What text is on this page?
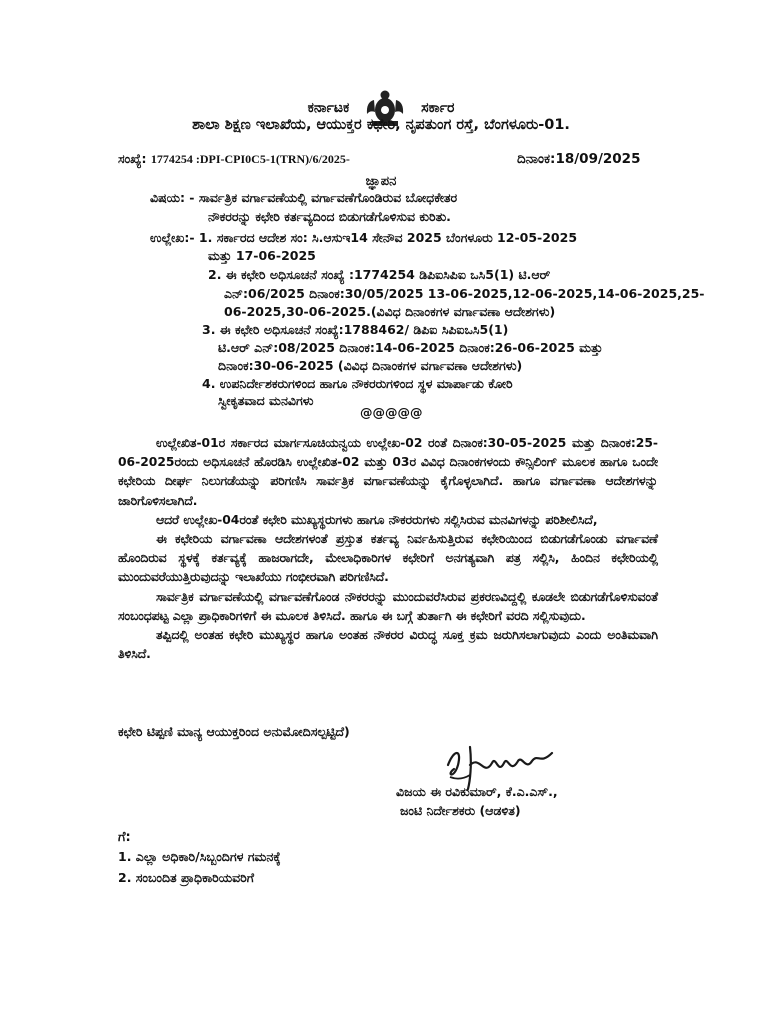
ಕರ್ನಾಟಕ	ಸರ್ಕಾರ
ಶಾಲಾ ಶಿಕ್ಷಣ ಇಲಾಖೆಯ, ಆಯುಕ್ತರ ಕಛೇರಿ, ನೃಪತುಂಗ ರಸ್ತೆ, ಬೆಂಗಳೂರು-01.
ಸಂಖ್ಯೆ: 1774254 :DPI-CPI0C5-1(TRN)/6/2025-	ದಿನಾಂಕ:18/09/2025
ಜ್ಞಾಪನ
ವಿಷಯ: - ಸಾರ್ವತ್ರಿಕ ವರ್ಗಾವಣೆಯಲ್ಲಿ ವರ್ಗಾವಣೆಗೊಂಡಿರುವ ಬೋಧಕೇತರ
ನೌಕರರನ್ನು ಕಛೇರಿ ಕರ್ತವ್ಯದಿಂದ ಬಿಡುಗಡೆಗೊಳಿಸುವ ಕುರಿತು.
ಉಲ್ಲೇಖ:- 1. ಸರ್ಕಾರದ ಆದೇಶ ಸಂ: ಸಿ.ಆಸುಇ14 ಸೇನೌವ 2025 ಬೆಂಗಳೂರು 12-05-2025
ಮತ್ತು 17-06-2025
2. ಈ ಕಛೇರಿ ಅಧಿಸೂಚನೆ ಸಂಖ್ಯೆ :1774254 ಡಿಪಿಐಸಿಪಿಐ ಒಸಿ5(1) ಟಿ.ಆರ್
ಎನ್:06/2025 ದಿನಾಂಕ:30/05/2025 13-06-2025,12-06-2025,14-06-2025,25-
06-2025,30-06-2025.(ವಿವಿಧ ದಿನಾಂಕಗಳ ವರ್ಗಾವಣಾ ಆದೇಶಗಳು)
3. ಈ ಕಛೇರಿ ಅಧಿಸೂಚನೆ ಸಂಖ್ಯೆ:1788462/ ಡಿಪಿಐ ಸಿಪಿಐಒಸಿ5(1)
ಟಿ.ಆರ್ ಎನ್:08/2025 ದಿನಾಂಕ:14-06-2025 ದಿನಾಂಕ:26-06-2025 ಮತ್ತು
ದಿನಾಂಕ:30-06-2025 (ವಿವಿಧ ದಿನಾಂಕಗಳ ವರ್ಗಾವಣಾ ಆದೇಶಗಳು)
4. ಉಪನಿರ್ದೇಶಕರುಗಳಿಂದ ಹಾಗೂ ನೌಕರರುಗಳಿಂದ ಸ್ಥಳ ಮಾರ್ಪಾಡು ಕೋರಿ
ಸ್ವೀಕೃತವಾದ ಮನವಿಗಳು
@@@@@

ಉಲ್ಲೇಖಿತ-01ರ ಸರ್ಕಾರದ ಮಾರ್ಗಸೂಚಿಯನ್ವಯ ಉಲ್ಲೇಖ-02 ರಂತೆ ದಿನಾಂಕ:30-05-2025 ಮತ್ತು ದಿನಾಂಕ:25-06-2025ರಂದು ಅಧಿಸೂಚನೆ ಹೊರಡಿಸಿ ಉಲ್ಲೇಖಿತ-02 ಮತ್ತು 03ರ ವಿವಿಧ ದಿನಾಂಕಗಳಂದು ಕೌನ್ಸಿಲಿಂಗ್ ಮೂಲಕ ಹಾಗೂ ಒಂದೇ ಕಛೇರಿಯ ದೀರ್ಘ ನಿಲುಗಡೆಯನ್ನು ಪರಿಗಣಿಸಿ ಸಾರ್ವತ್ರಿಕ ವರ್ಗಾವಣೆಯನ್ನು ಕೈಗೊಳ್ಳಲಾಗಿದೆ. ಹಾಗೂ ವರ್ಗಾವಣಾ ಆದೇಶಗಳನ್ನು ಜಾರಿಗೊಳಿಸಲಾಗಿದೆ.

ಆದರೆ ಉಲ್ಲೇಖ-04ರಂತೆ ಕಛೇರಿ ಮುಖ್ಯಸ್ಥರುಗಳು ಹಾಗೂ ನೌಕರರುಗಳು ಸಲ್ಲಿಸಿರುವ ಮನವಿಗಳನ್ನು ಪರಿಶೀಲಿಸಿದೆ,

ಈ ಕಛೇರಿಯ ವರ್ಗಾವಣಾ ಆದೇಶಗಳಂತೆ ಪ್ರಸ್ತುತ ಕರ್ತವ್ಯ ನಿರ್ವಹಿಸುತ್ತಿರುವ ಕಛೇರಿಯಿಂದ ಬಿಡುಗಡೆಗೊಂಡು ವರ್ಗಾವಣೆ ಹೊಂದಿರುವ ಸ್ಥಳಕ್ಕೆ ಕರ್ತವ್ಯಕ್ಕೆ ಹಾಜರಾಗದೇ, ಮೇಲಾಧಿಕಾರಿಗಳ ಕಛೇರಿಗೆ ಅನಗತ್ಯವಾಗಿ ಪತ್ರ ಸಲ್ಲಿಸಿ, ಹಿಂದಿನ ಕಛೇರಿಯಲ್ಲಿ ಮುಂದುವರೆಯುತ್ತಿರುವುದನ್ನು ಇಲಾಖೆಯು ಗಂಭೀರವಾಗಿ ಪರಿಗಣಿಸಿದೆ.

ಸಾರ್ವತ್ರಿಕ ವರ್ಗಾವಣೆಯಲ್ಲಿ ವರ್ಗಾವಣೆಗೊಂಡ ನೌಕರರನ್ನು ಮುಂದುವರೆಸಿರುವ ಪ್ರಕರಣವಿದ್ದಲ್ಲಿ ಕೂಡಲೇ ಬಿಡುಗಡೆಗೊಳಿಸುವಂತೆ ಸಂಬಂಧಪಟ್ಟ ಎಲ್ಲಾ ಪ್ರಾಧಿಕಾರಿಗಳಿಗೆ ಈ ಮೂಲಕ ತಿಳಿಸಿದೆ. ಹಾಗೂ ಈ ಬಗ್ಗೆ ತುರ್ತಾಗಿ ಈ ಕಛೇರಿಗೆ ವರದಿ ಸಲ್ಲಿಸುವುದು.

ತಪ್ಪಿದಲ್ಲಿ ಅಂತಹ ಕಛೇರಿ ಮುಖ್ಯಸ್ಥರ ಹಾಗೂ ಅಂತಹ ನೌಕರರ ವಿರುದ್ಧ ಸೂಕ್ತ ಕ್ರಮ ಜರುಗಿಸಲಾಗುವುದು ಎಂದು ಅಂತಿಮವಾಗಿ ತಿಳಿಸಿದೆ.

ಕಛೇರಿ ಟಿಪ್ಪಣಿ ಮಾನ್ಯ ಆಯುಕ್ತರಿಂದ ಅನುಮೋದಿಸಲ್ಪಟ್ಟಿದೆ)
ವಿಜಯ ಈ ರವಿಕುಮಾರ್, ಕೆ.ಎ.ಎಸ್.,
ಜಂಟಿ ನಿರ್ದೇಶಕರು (ಆಡಳಿತ)
ಗೆ:
1. ಎಲ್ಲಾ ಅಧಿಕಾರಿ/ಸಿಬ್ಬಂದಿಗಳ ಗಮನಕ್ಕೆ
2. ಸಂಬಂದಿತ ಪ್ರಾಧಿಕಾರಿಯವರಿಗೆ
